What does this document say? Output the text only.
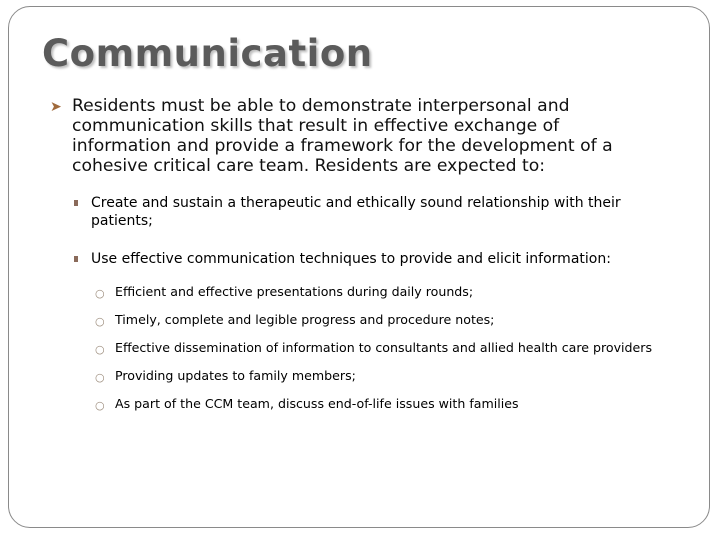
Communication
➤ Residents must be able to demonstrate interpersonal and communication skills that result in effective exchange of information and provide a framework for the development of a cohesive critical care team. Residents are expected to:
Create and sustain a therapeutic and ethically sound relationship with their patients;
Use effective communication techniques to provide and elicit information:
○ Efficient and effective presentations during daily rounds;
○ Timely, complete and legible progress and procedure notes;
○ Effective dissemination of information to consultants and allied health care providers
○ Providing updates to family members;
○ As part of the CCM team, discuss end-of-life issues with families
